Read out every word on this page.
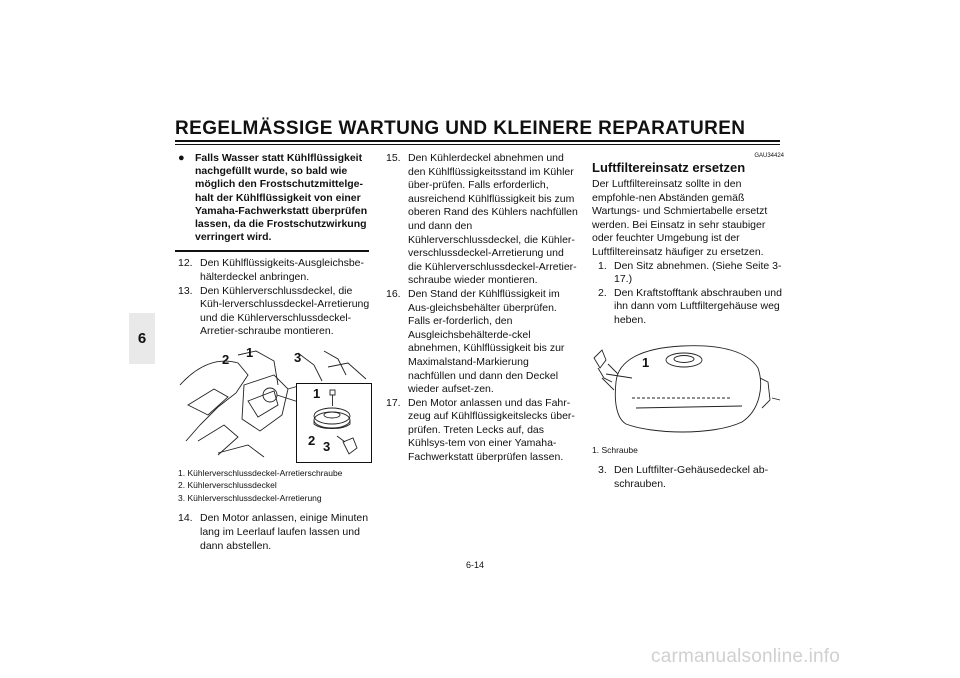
REGELMÄSSIGE WARTUNG UND KLEINERE REPARATUREN
6
● Falls Wasser statt Kühlflüssigkeit nachgefüllt wurde, so bald wie möglich den Frostschutzmittelge-halt der Kühlflüssigkeit von einer Yamaha-Fachwerkstatt überprüfen lassen, da die Frostschutzwirkung verringert wird.
12. Den Kühlflüssigkeits-Ausgleichsbe-hälterdeckel anbringen.
13. Den Kühlerverschlussdeckel, die Küh-lerverschlussdeckel-Arretierung und die Kühlerverschlussdeckel-Arretier-schraube montieren.
1
2 3
1
2	3
1. Kühlerverschlussdeckel-Arretierschraube
2. Kühlerverschlussdeckel
3. Kühlerverschlussdeckel-Arretierung
14. Den Motor anlassen, einige Minuten lang im Leerlauf laufen lassen und dann abstellen.
15. Den Kühlerdeckel abnehmen und den Kühlflüssigkeitsstand im Kühler über-prüfen. Falls erforderlich, ausreichend Kühlflüssigkeit bis zum oberen Rand des Kühlers nachfüllen und dann den Kühlerverschlussdeckel, die Kühler-verschlussdeckel-Arretierung und die Kühlerverschlussdeckel-Arretier-schraube wieder montieren.
16. Den Stand der Kühlflüssigkeit im Aus-gleichsbehälter überprüfen. Falls er-forderlich, den Ausgleichsbehälterde-ckel abnehmen, Kühlflüssigkeit bis zur Maximalstand-Markierung nachfüllen und dann den Deckel wieder aufset-zen.
17. Den Motor anlassen und das Fahr-zeug auf Kühlflüssigkeitslecks über-prüfen. Treten Lecks auf, das Kühlsys-tem von einer Yamaha-Fachwerkstatt überprüfen lassen.
GAU34424
Luftfiltereinsatz ersetzen
Der Luftfiltereinsatz sollte in den empfohle-nen Abständen gemäß Wartungs- und Schmiertabelle ersetzt werden. Bei Einsatz in sehr staubiger oder feuchter Umgebung ist der Luftfiltereinsatz häufiger zu ersetzen.
1. Den Sitz abnehmen. (Siehe Seite 3-17.)
2. Den Kraftstofftank abschrauben und ihn dann vom Luftfiltergehäuse weg heben.
1
1. Schraube
3. Den Luftfilter-Gehäusedeckel ab-schrauben.
6-14
carmanualsonline.info
